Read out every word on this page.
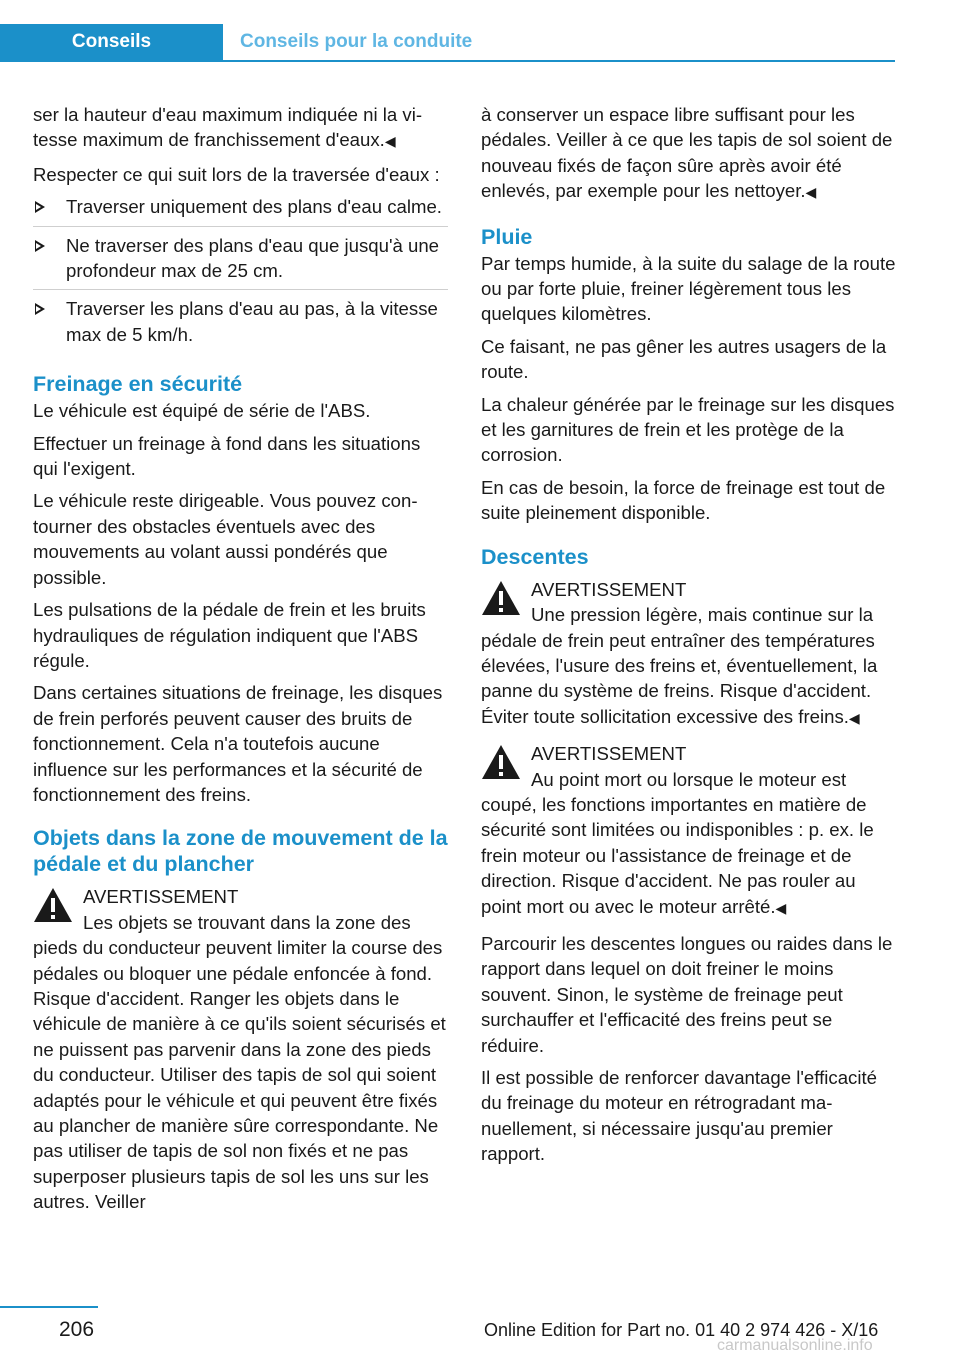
Conseils	Conseils pour la conduite

ser la hauteur d'eau maximum indiquée ni la vitesse maximum de franchissement d'eaux.◀

Respecter ce qui suit lors de la traversée d'eaux :

Traverser uniquement des plans d'eau calme.
Ne traverser des plans d'eau que jusqu'à une profondeur max de 25 cm.
Traverser les plans d'eau au pas, à la vitesse max de 5 km/h.
Freinage en sécurité

Le véhicule est équipé de série de l'ABS.

Effectuer un freinage à fond dans les situations qui l'exigent.

Le véhicule reste dirigeable. Vous pouvez contourner des obstacles éventuels avec des mouvements au volant aussi pondérés que possible.

Les pulsations de la pédale de frein et les bruits hydrauliques de régulation indiquent que l'ABS régule.

Dans certaines situations de freinage, les disques de frein perforés peuvent causer des bruits de fonctionnement. Cela n'a toutefois aucune influence sur les performances et la sécurité de fonctionnement des freins.

Objets dans la zone de mouvement de la pédale et du plancher
AVERTISSEMENT
Les objets se trouvant dans la zone des pieds du conducteur peuvent limiter la course des pédales ou bloquer une pédale enfoncée à fond. Risque d'accident. Ranger les objets dans le véhicule de manière à ce qu'ils soient sécurisés et ne puissent pas parvenir dans la zone des pieds du conducteur. Utiliser des tapis de sol qui soient adaptés pour le véhicule et qui peuvent être fixés au plancher de manière sûre correspondante. Ne pas utiliser de tapis de sol non fixés et ne pas superposer plusieurs tapis de sol les uns sur les autres. Veiller

à conserver un espace libre suffisant pour les pédales. Veiller à ce que les tapis de sol soient de nouveau fixés de façon sûre après avoir été enlevés, par exemple pour les nettoyer.◀

Pluie

Par temps humide, à la suite du salage de la route ou par forte pluie, freiner légèrement tous les quelques kilomètres.

Ce faisant, ne pas gêner les autres usagers de la route.

La chaleur générée par le freinage sur les disques et les garnitures de frein et les protège de la corrosion.

En cas de besoin, la force de freinage est tout de suite pleinement disponible.

Descentes
AVERTISSEMENT
Une pression légère, mais continue sur la pédale de frein peut entraîner des températures élevées, l'usure des freins et, éventuellement, la panne du système de freins. Risque d'accident. Éviter toute sollicitation excessive des freins.◀
AVERTISSEMENT
Au point mort ou lorsque le moteur est coupé, les fonctions importantes en matière de sécurité sont limitées ou indisponibles : p. ex. le frein moteur ou l'assistance de freinage et de direction. Risque d'accident. Ne pas rouler au point mort ou avec le moteur arrêté.◀

Parcourir les descentes longues ou raides dans le rapport dans lequel on doit freiner le moins souvent. Sinon, le système de freinage peut surchauffer et l'efficacité des freins peut se réduire.

Il est possible de renforcer davantage l'efficacité du freinage du moteur en rétrogradant manuellement, si nécessaire jusqu'au premier rapport.

206	Online Edition for Part no. 01 40 2 974 426 - X/16
carmanualsonline.info
